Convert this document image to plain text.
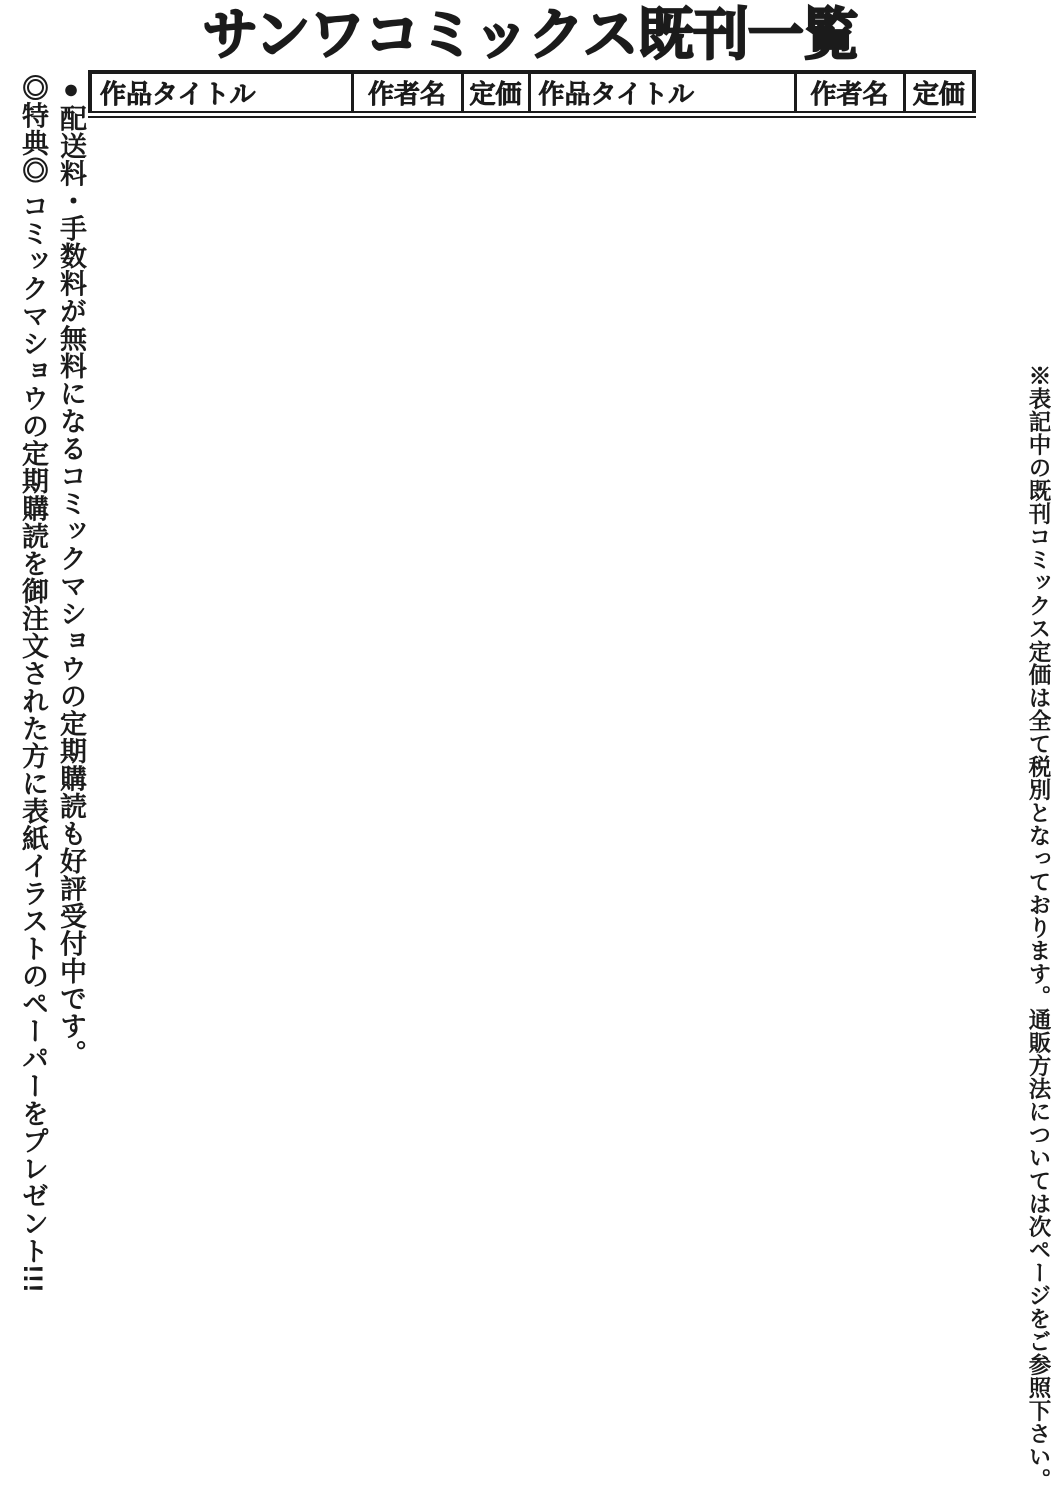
サンワコミックス既刊一覧

●配送料・手数料が無料になるコミックマショウの定期購読も好評受付中です。

◎特典◎ コミックマショウの定期購読を御注文された方に表紙イラストのペーパーをプレゼント!!! 作品タイトル	作者名	定価	作品タイトル	作者名	定価

※表記中の既刊コミックス定価は全て税別となっております。通販方法については次ページをご参照下さい。
